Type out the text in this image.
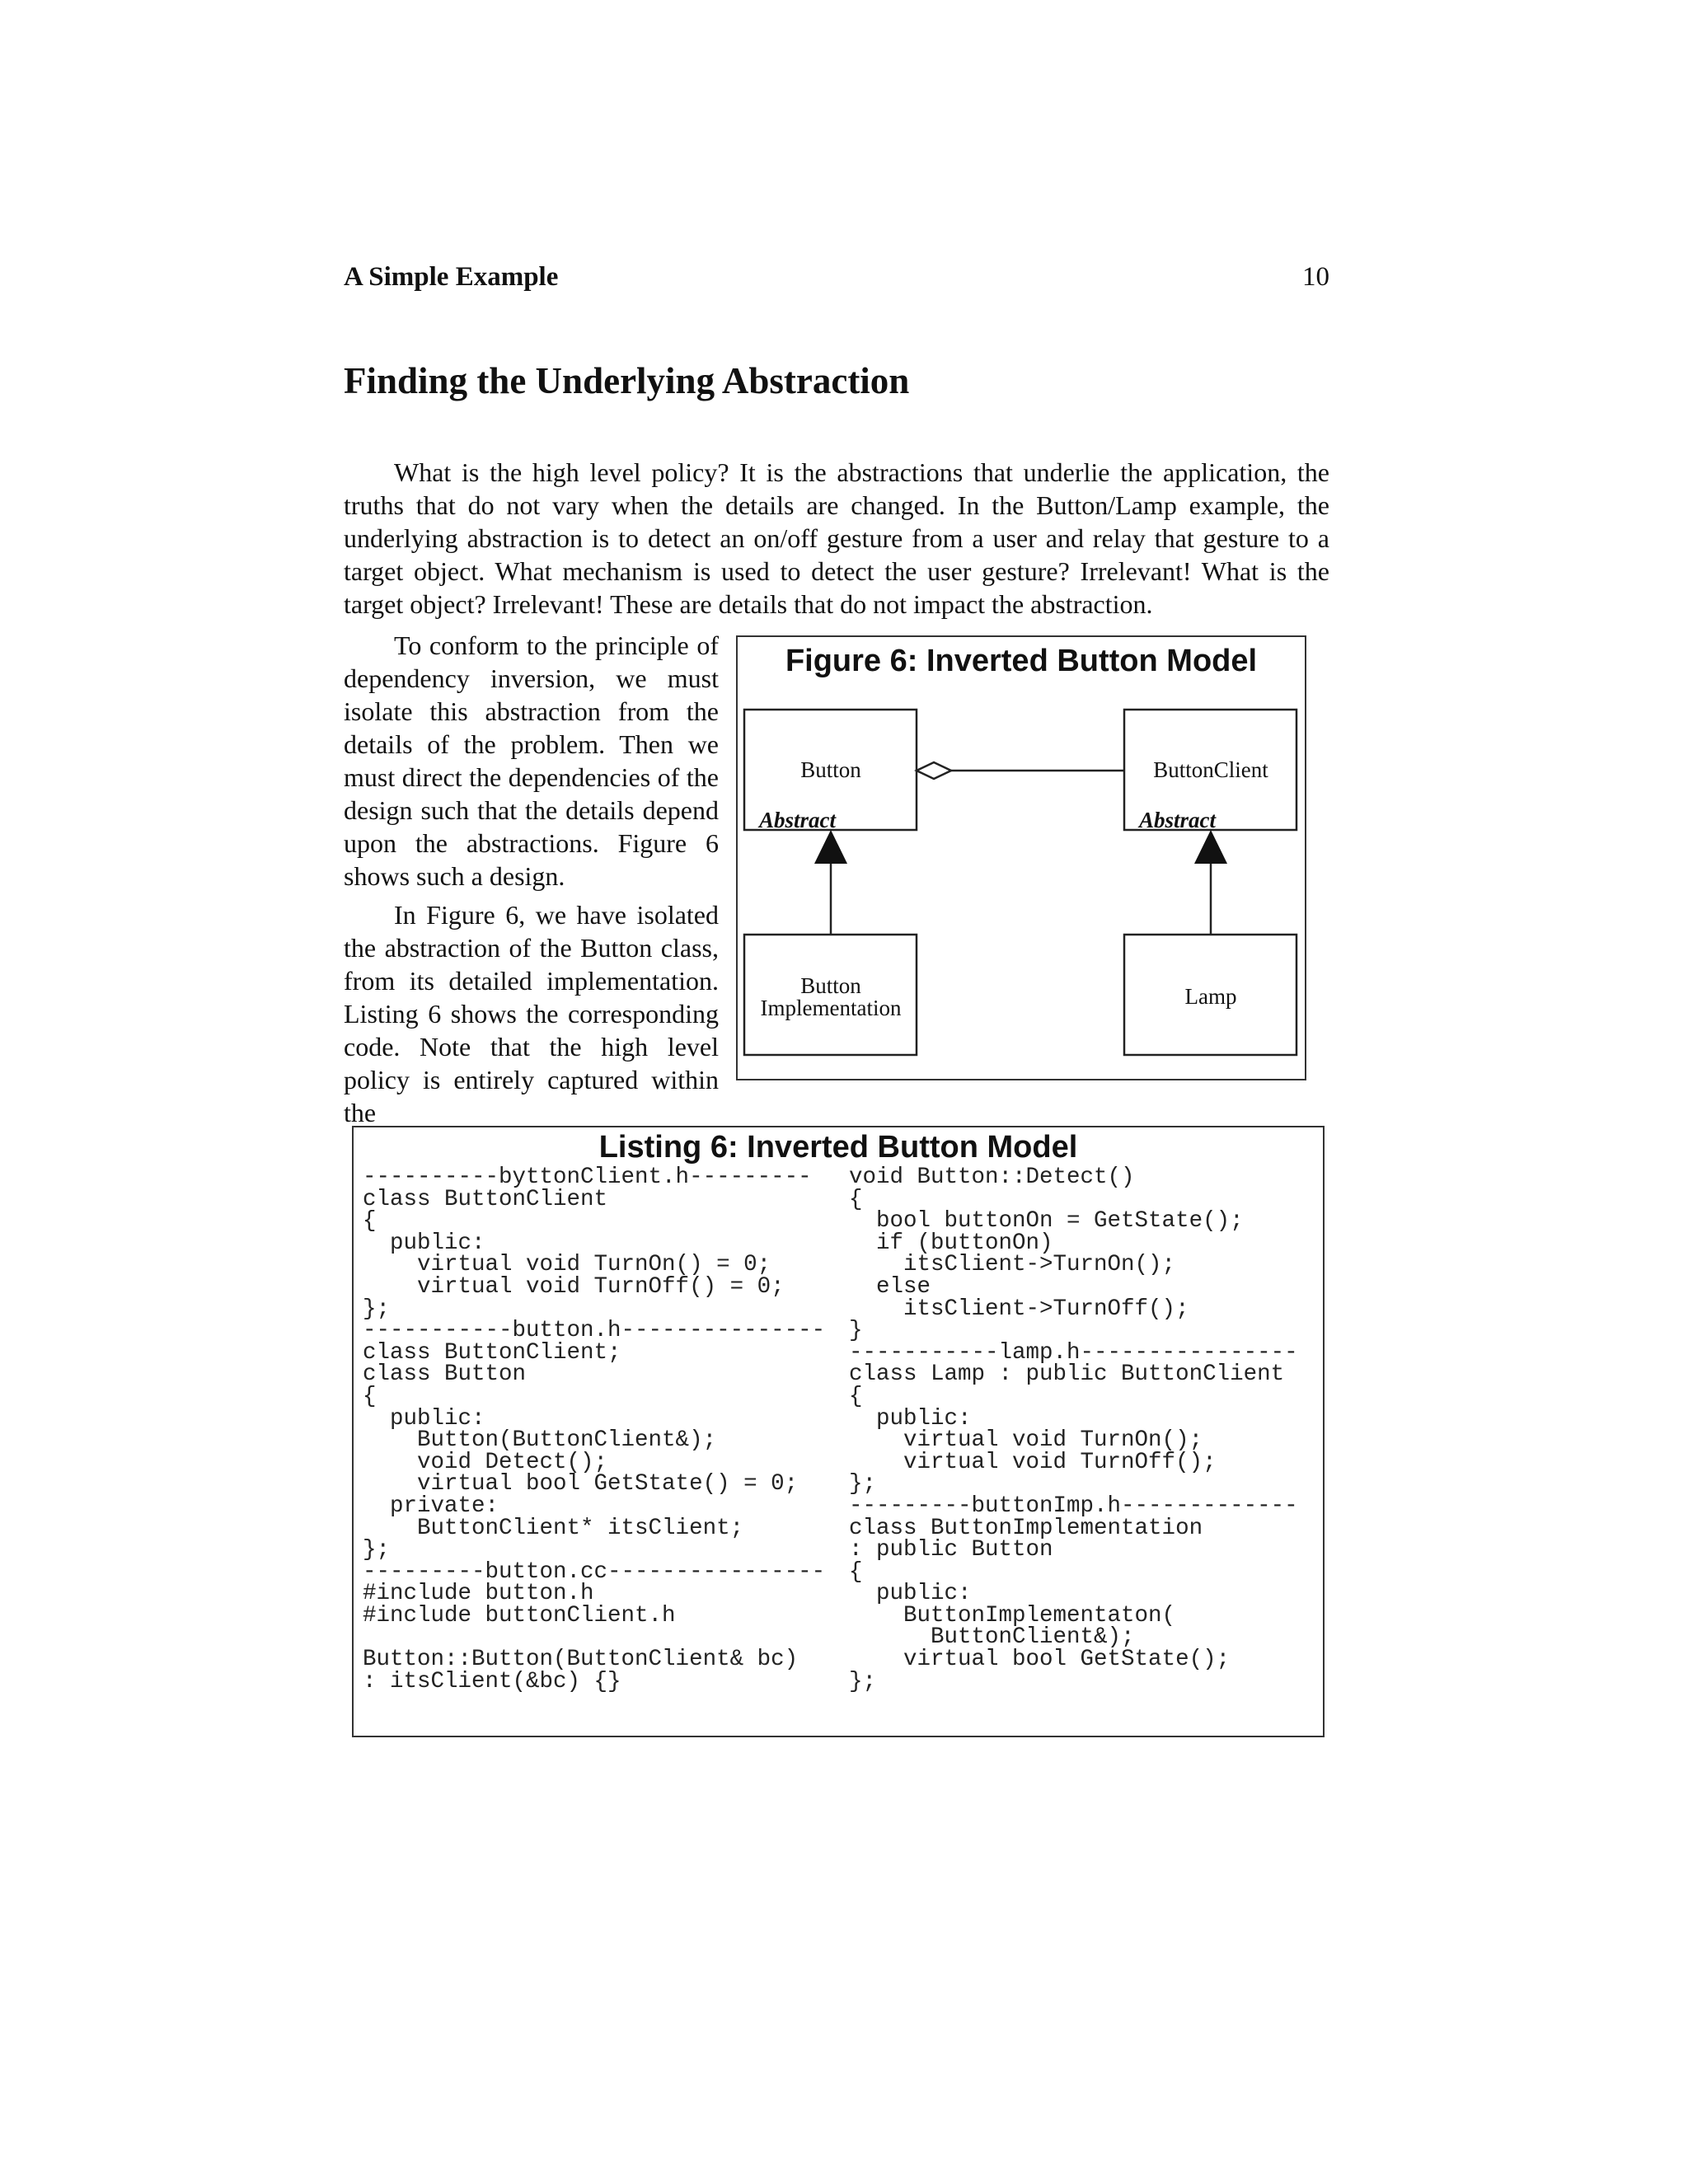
A Simple Example	10
Finding the Underlying Abstraction

What is the high level policy? It is the abstractions that underlie the application, the truths that do not vary when the details are changed. In the Button/Lamp example, the underlying abstraction is to detect an on/off gesture from a user and relay that gesture to a target object. What mechanism is used to detect the user gesture? Irrelevant! What is the target object? Irrelevant! These are details that do not impact the abstraction.

To conform to the principle of dependency inversion, we must isolate this abstraction from the details of the problem. Then we must direct the dependencies of the design such that the details depend upon the abstractions. Figure 6 shows such a design.

In Figure 6, we have isolated the abstraction of the Button class, from its detailed implementation. Listing 6 shows the corresponding code. Note that the high level policy is entirely captured within the

Figure 6: Inverted Button Model
Button	ButtonClient
Button
Implementation	Lamp
Abstract	Abstract
Listing 6: Inverted Button Model
----------byttonClient.h---------
class ButtonClient
{
public:
virtual void TurnOn() = 0;
virtual void TurnOff() = 0;
};
-----------button.h---------------
class ButtonClient;
class Button
{
public:
Button(ButtonClient&);
void Detect();
virtual bool GetState() = 0;
private:
ButtonClient* itsClient;
};
---------button.cc----------------
#include button.h
#include buttonClient.h

Button::Button(ButtonClient& bc)
: itsClient(&bc) {}
void Button::Detect()
{
bool buttonOn = GetState();
if (buttonOn)
itsClient->TurnOn();
else
itsClient->TurnOff();
}
-----------lamp.h----------------
class Lamp : public ButtonClient
{
public:
virtual void TurnOn();
virtual void TurnOff();
};
---------buttonImp.h-------------
class ButtonImplementation
: public Button
{
public:
ButtonImplementaton(
ButtonClient&);
virtual bool GetState();
};
